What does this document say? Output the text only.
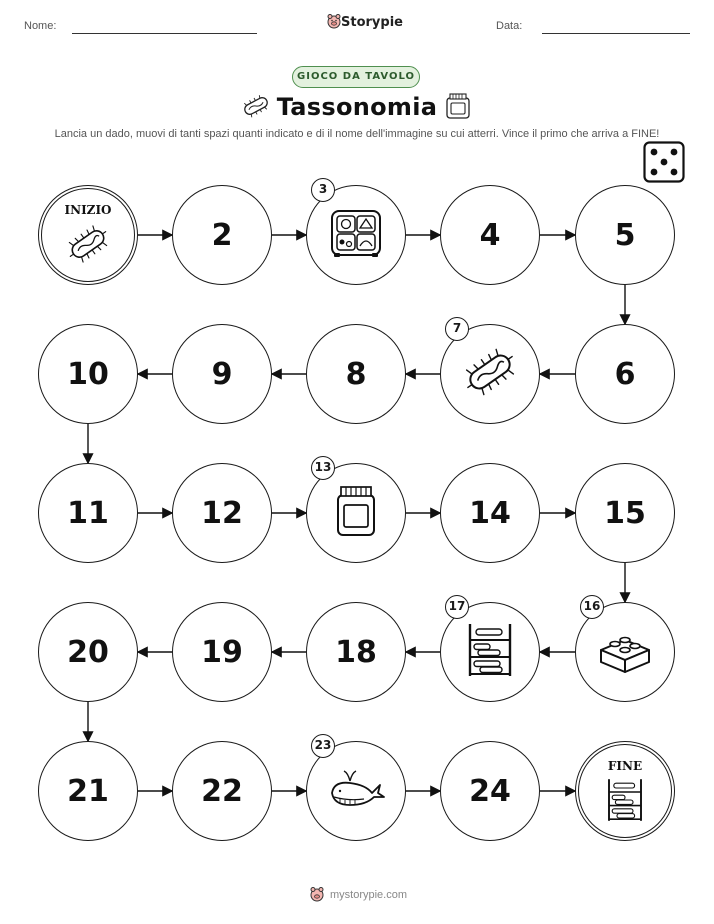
Nome:	Storypie	Data:
GIOCO DA TAVOLO
Tassonomia
Lancia un dado, muovi di tanti spazi quanti indicato e di il nome dell'immagine su cui atterri. Vince il primo che arriva a FINE!
INIZIO
2
3
4	5
10	9	8
7
6
11	12
13
14	15
20	19	18
17	16
21	22
23
24
FINE
mystorypie.com
